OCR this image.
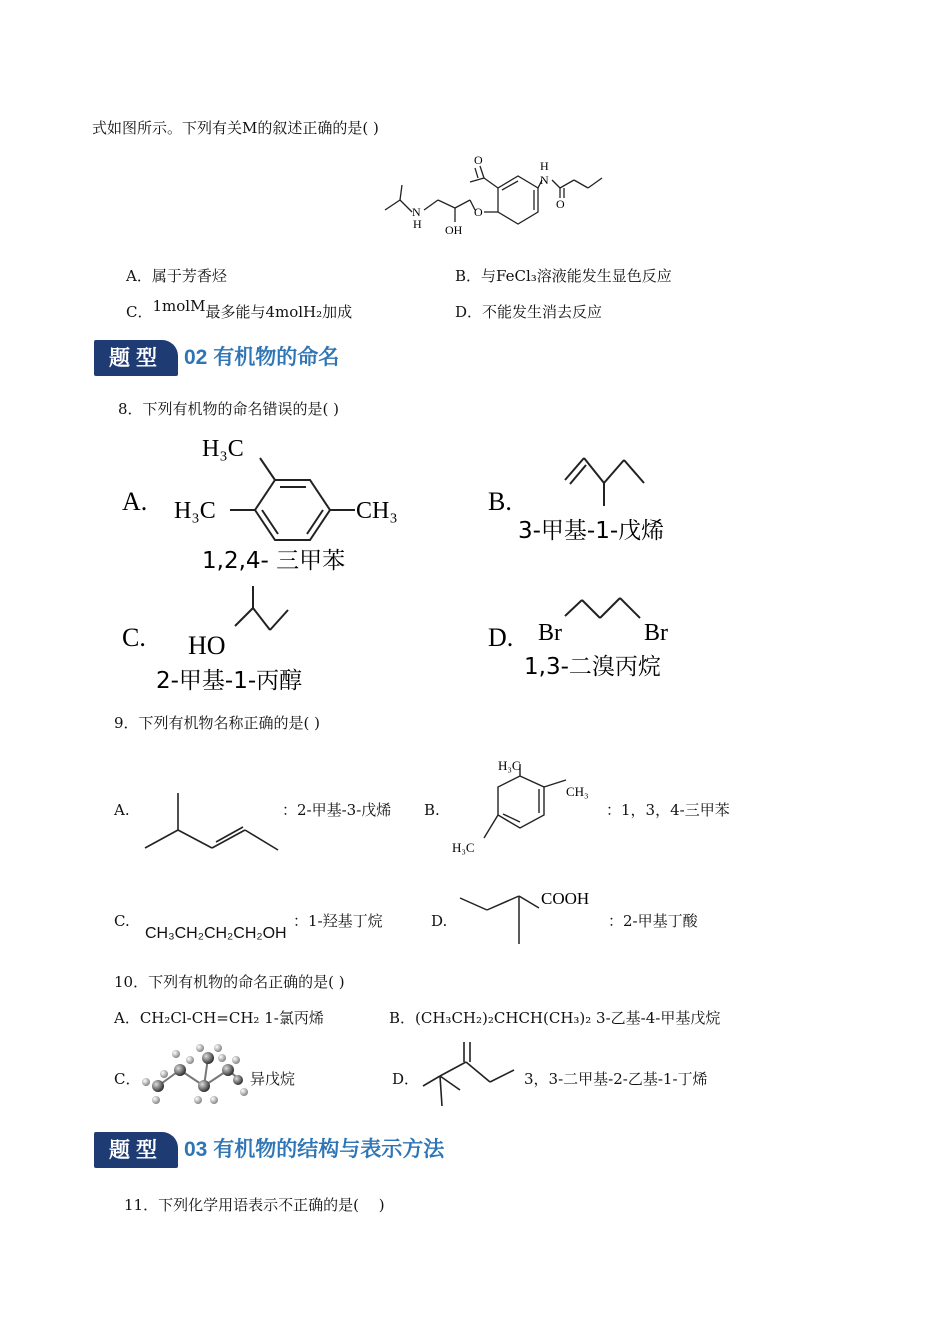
式如图所示。下列有关M的叙述正确的是( )
O	H
N
O
N
H
O
OH
A．属于芳香烃	B．与FeCl₃溶液能发生显色反应
C．1molM最多能与4molH₂加成	D．不能发生消去反应
题型	02 有机物的命名
8．下列有机物的命名错误的是( )
A.
H₃C
H₃C	CH₃
1,2,4- 三甲苯
B.
3-甲基-1-戊烯
C. HO
2-甲基-1-丙醇
D. Br	Br
1,3-二溴丙烷
9．下列有机物名称正确的是( )
A.	：2-甲基-3-戊烯 B.
H₃C
CH₃
H₃C
：1，3，4-三甲苯
C.
CH₃CH₂CH₂CH₂OH
：1-羟基丁烷	D.
COOH
：2-甲基丁酸
10．下列有机物的命名正确的是( )
A．CH₂Cl-CH=CH₂ 1-氯丙烯	B．(CH₃CH₂)₂CHCH(CH₃)₂ 3-乙基-4-甲基戊烷
C．	异戊烷	D．	3，3-二甲基-2-乙基-1-丁烯
题型	03 有机物的结构与表示方法
11．下列化学用语表示不正确的是(　 )
